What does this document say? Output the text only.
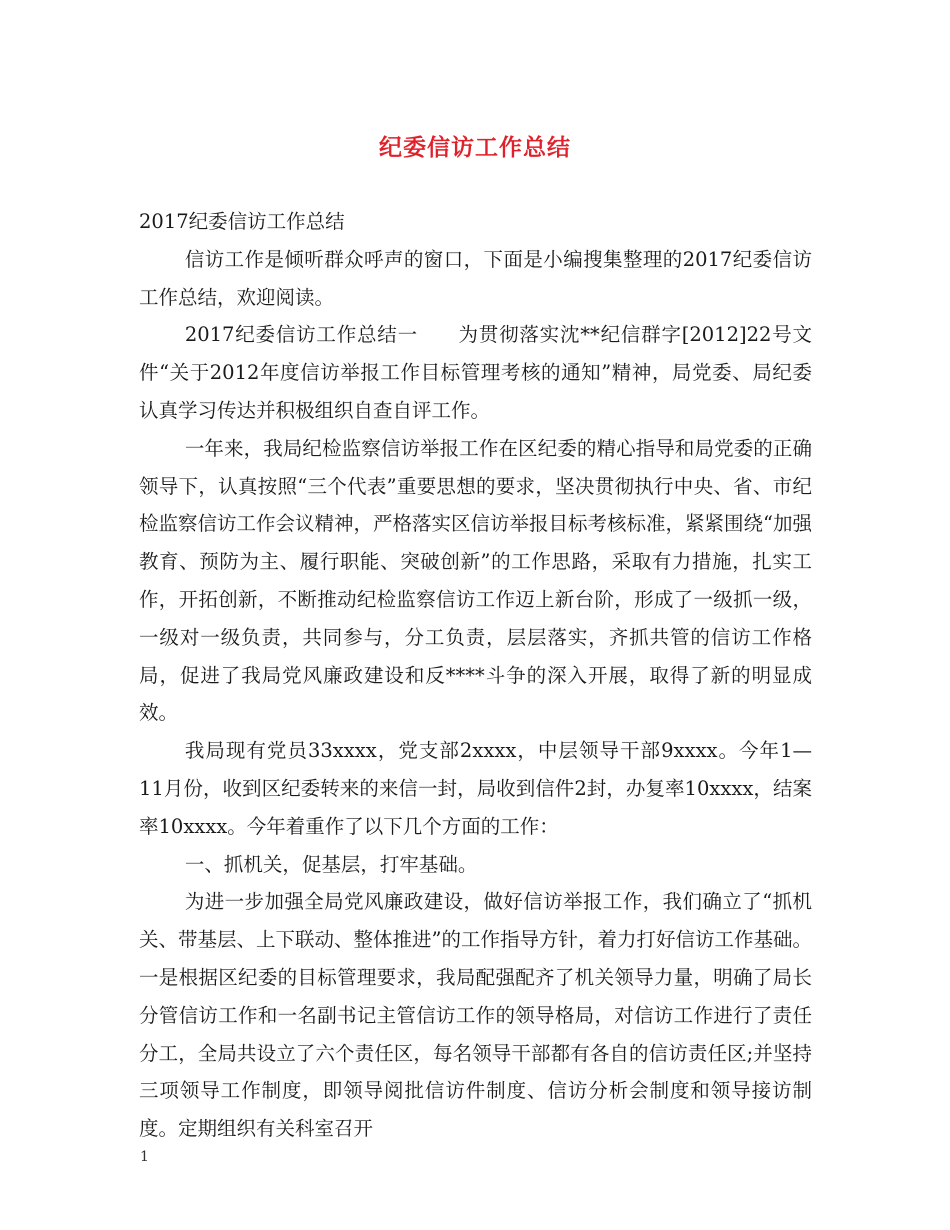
纪委信访工作总结

2017纪委信访工作总结

信访工作是倾听群众呼声的窗口，下面是小编搜集整理的2017纪委信访工作总结，欢迎阅读。

2017纪委信访工作总结一　　为贯彻落实沈**纪信群字[2012]22号文件“关于2012年度信访举报工作目标管理考核的通知”精神，局党委、局纪委认真学习传达并积极组织自查自评工作。

一年来，我局纪检监察信访举报工作在区纪委的精心指导和局党委的正确领导下，认真按照“三个代表”重要思想的要求，坚决贯彻执行中央、省、市纪检监察信访工作会议精神，严格落实区信访举报目标考核标准，紧紧围绕“加强教育、预防为主、履行职能、突破创新”的工作思路，采取有力措施，扎实工作，开拓创新，不断推动纪检监察信访工作迈上新台阶，形成了一级抓一级，一级对一级负责，共同参与，分工负责，层层落实，齐抓共管的信访工作格局，促进了我局党风廉政建设和反****斗争的深入开展，取得了新的明显成效。

我局现有党员33xxxx，党支部2xxxx，中层领导干部9xxxx。今年1—11月份，收到区纪委转来的来信一封，局收到信件2封，办复率10xxxx，结案率10xxxx。今年着重作了以下几个方面的工作：

一、抓机关，促基层，打牢基础。

为进一步加强全局党风廉政建设，做好信访举报工作，我们确立了“抓机关、带基层、上下联动、整体推进”的工作指导方针，着力打好信访工作基础。一是根据区纪委的目标管理要求，我局配强配齐了机关领导力量，明确了局长分管信访工作和一名副书记主管信访工作的领导格局，对信访工作进行了责任分工，全局共设立了六个责任区，每名领导干部都有各自的信访责任区;并坚持三项领导工作制度，即领导阅批信访件制度、信访分析会制度和领导接访制度。定期组织有关科室召开

1
